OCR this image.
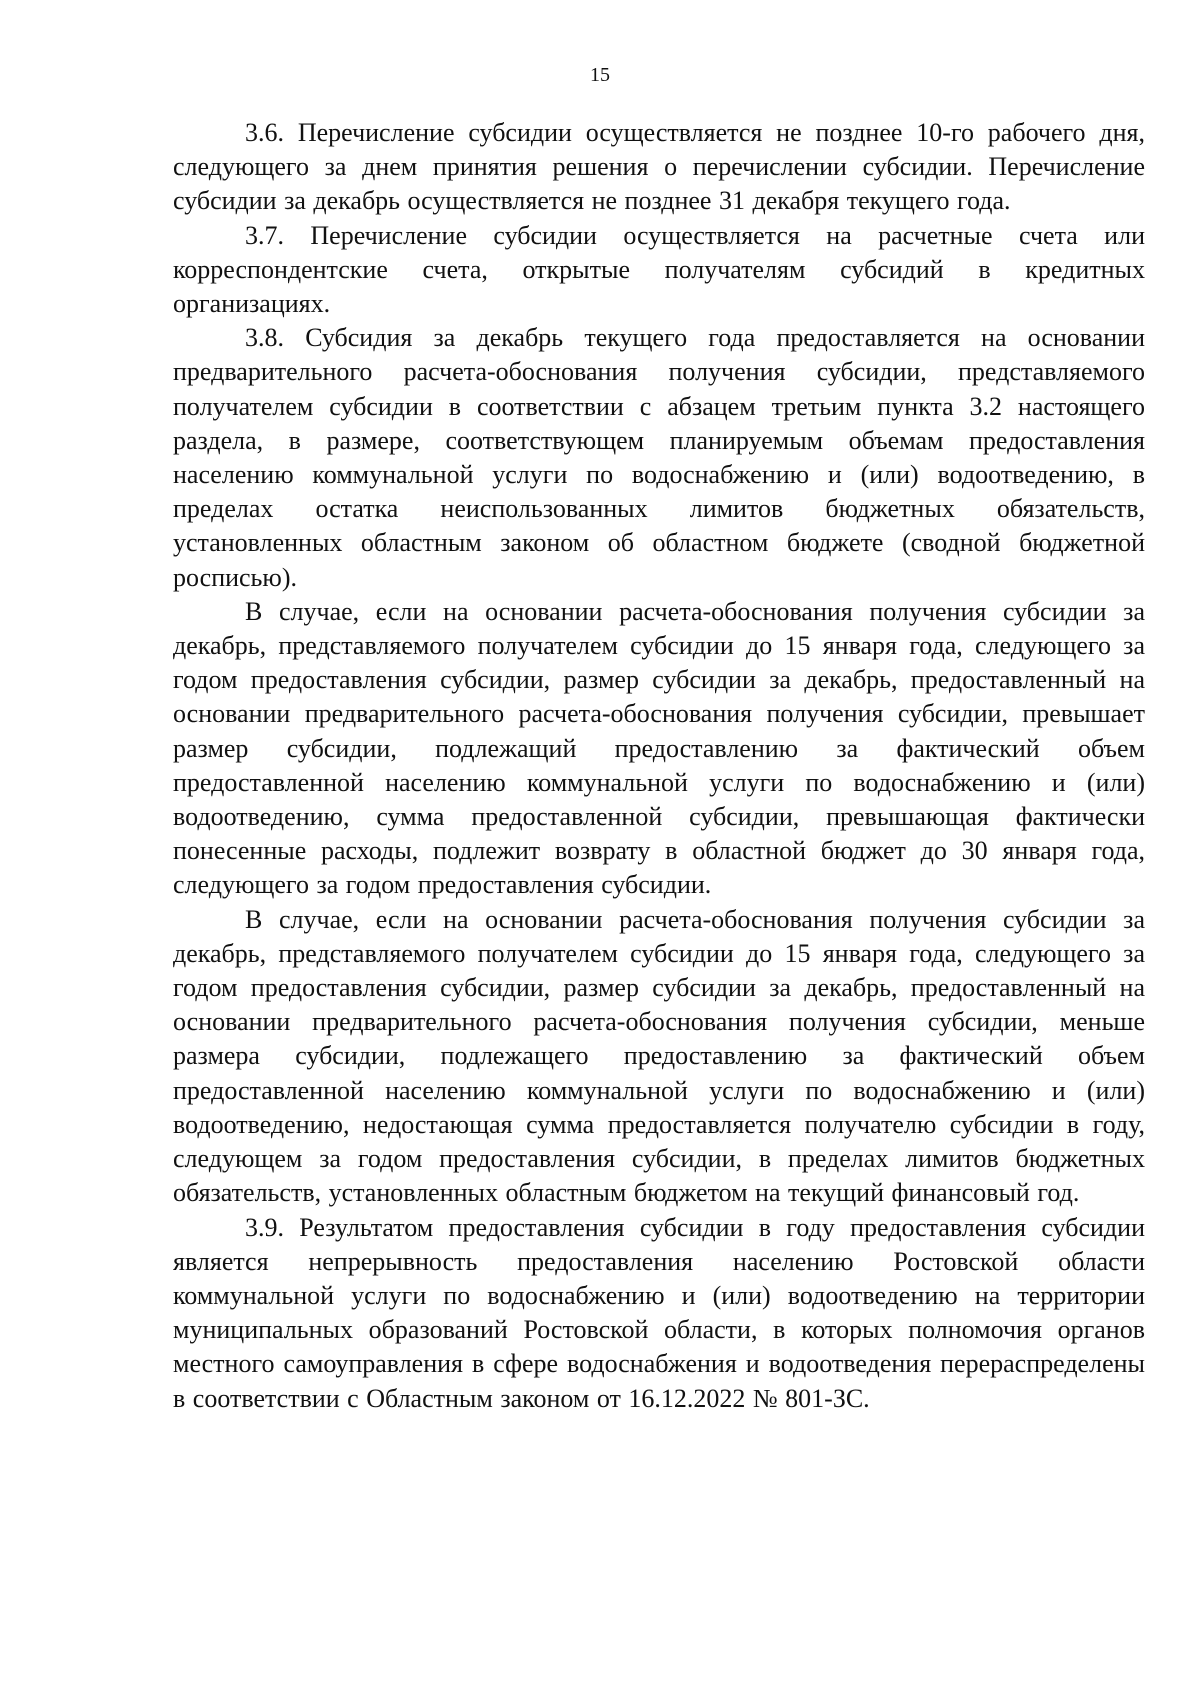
15

3.6. Перечисление субсидии осуществляется не позднее 10-го рабочего дня, следующего за днем принятия решения о перечислении субсидии. Перечисление субсидии за декабрь осуществляется не позднее 31 декабря текущего года.

3.7. Перечисление субсидии осуществляется на расчетные счета или корреспондентские счета, открытые получателям субсидий в кредитных организациях.

3.8. Субсидия за декабрь текущего года предоставляется на основании предварительного расчета-обоснования получения субсидии, представляемого получателем субсидии в соответствии с абзацем третьим пункта 3.2 настоящего раздела, в размере, соответствующем планируемым объемам предоставления населению коммунальной услуги по водоснабжению и (или) водоотведению, в пределах остатка неиспользованных лимитов бюджетных обязательств, установленных областным законом об областном бюджете (сводной бюджетной росписью).

В случае, если на основании расчета-обоснования получения субсидии за декабрь, представляемого получателем субсидии до 15 января года, следующего за годом предоставления субсидии, размер субсидии за декабрь, предоставленный на основании предварительного расчета-обоснования получения субсидии, превышает размер субсидии, подлежащий предоставлению за фактический объем предоставленной населению коммунальной услуги по водоснабжению и (или) водоотведению, сумма предоставленной субсидии, превышающая фактически понесенные расходы, подлежит возврату в областной бюджет до 30 января года, следующего за годом предоставления субсидии.

В случае, если на основании расчета-обоснования получения субсидии за декабрь, представляемого получателем субсидии до 15 января года, следующего за годом предоставления субсидии, размер субсидии за декабрь, предоставленный на основании предварительного расчета-обоснования получения субсидии, меньше размера субсидии, подлежащего предоставлению за фактический объем предоставленной населению коммунальной услуги по водоснабжению и (или) водоотведению, недостающая сумма предоставляется получателю субсидии в году, следующем за годом предоставления субсидии, в пределах лимитов бюджетных обязательств, установленных областным бюджетом на текущий финансовый год.

3.9. Результатом предоставления субсидии в году предоставления субсидии является непрерывность предоставления населению Ростовской области коммунальной услуги по водоснабжению и (или) водоотведению на территории муниципальных образований Ростовской области, в которых полномочия органов местного самоуправления в сфере водоснабжения и водоотведения перераспределены в соответствии с Областным законом от 16.12.2022 № 801-ЗС.
